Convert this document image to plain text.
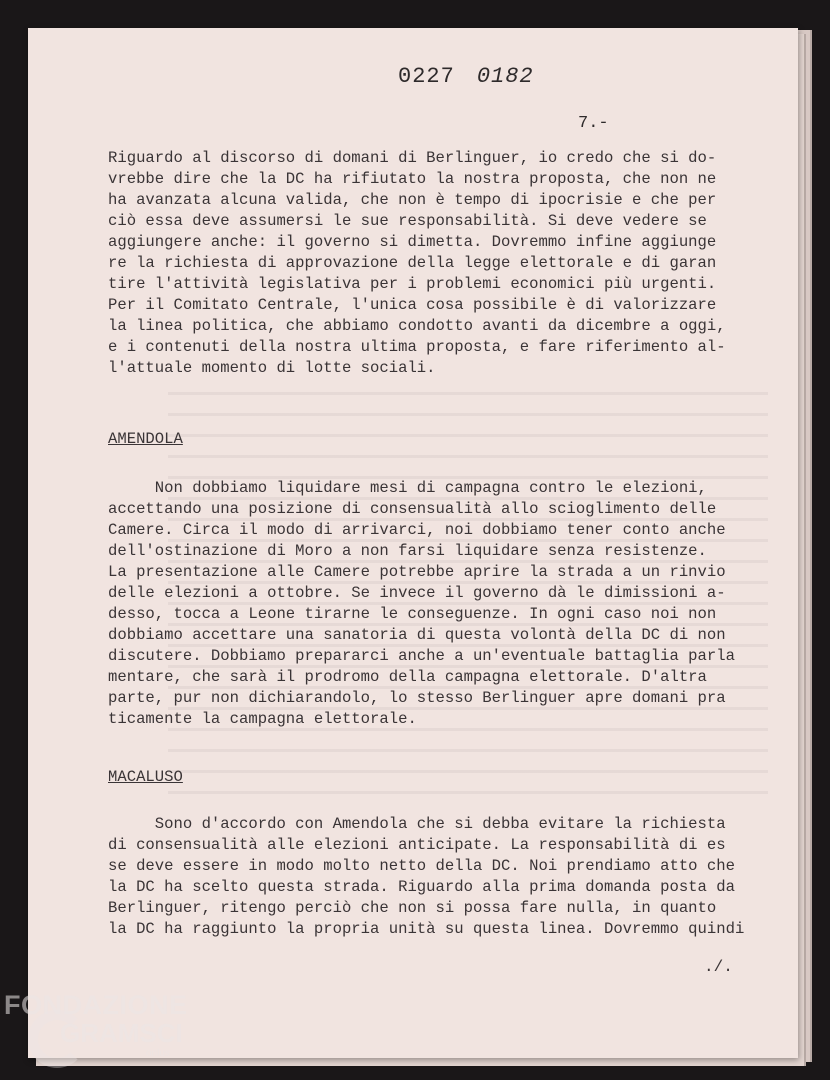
0227 0182
7.-
Riguardo al discorso di domani di Berlinguer, io credo che si do-
vrebbe dire che la DC ha rifiutato la nostra proposta, che non ne
ha avanzata alcuna valida, che non è tempo di ipocrisie e che per
ciò essa deve assumersi le sue responsabilità. Si deve vedere se
aggiungere anche: il governo si dimetta. Dovremmo infine aggiunge
re la richiesta di approvazione della legge elettorale e di garan
tire l'attività legislativa per i problemi economici più urgenti.
Per il Comitato Centrale, l'unica cosa possibile è di valorizzare
la linea politica, che abbiamo condotto avanti da dicembre a oggi,
e i contenuti della nostra ultima proposta, e fare riferimento al-
l'attuale momento di lotte sociali.
AMENDOLA
Non dobbiamo liquidare mesi di campagna contro le elezioni,
accettando una posizione di consensualità allo scioglimento delle
Camere. Circa il modo di arrivarci, noi dobbiamo tener conto anche
dell'ostinazione di Moro a non farsi liquidare senza resistenze.
La presentazione alle Camere potrebbe aprire la strada a un rinvio
delle elezioni a ottobre. Se invece il governo dà le dimissioni a-
desso, tocca a Leone tirarne le conseguenze. In ogni caso noi non
dobbiamo accettare una sanatoria di questa volontà della DC di non
discutere. Dobbiamo prepararci anche a un'eventuale battaglia parla
mentare, che sarà il prodromo della campagna elettorale. D'altra
parte, pur non dichiarandolo, lo stesso Berlinguer apre domani pra
ticamente la campagna elettorale.
MACALUSO
Sono d'accordo con Amendola che si debba evitare la richiesta
di consensualità alle elezioni anticipate. La responsabilità di es
se deve essere in modo molto netto della DC. Noi prendiamo atto che
la DC ha scelto questa strada. Riguardo alla prima domanda posta da
Berlinguer, ritengo perciò che non si possa fare nulla, in quanto
la DC ha raggiunto la propria unità su questa linea. Dovremmo quindi
./.
FONDAZIONE
GRAMSCI
onlus
